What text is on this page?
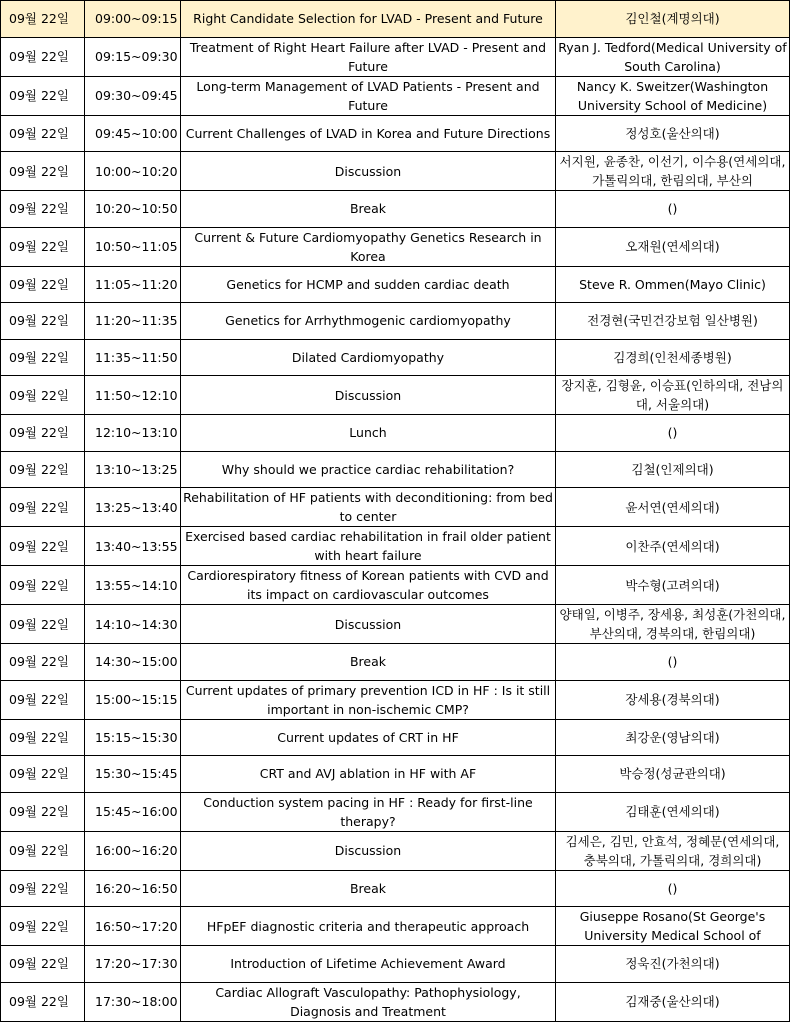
09월 22일	09:00~09:15	Right Candidate Selection for LVAD - Present and Future	김인철(계명의대)

09월 22일	09:15~09:30	Treatment of Right Heart Failure after LVAD - Present and Future	Ryan J. Tedford(Medical University of South Carolina)

09월 22일	09:30~09:45	Long-term Management of LVAD Patients - Present and Future	Nancy K. Sweitzer(Washington University School of Medicine)

09월 22일	09:45~10:00	Current Challenges of LVAD in Korea and Future Directions	정성호(울산의대)

09월 22일	10:00~10:20	Discussion	서지원, 윤종찬, 이선기, 이수용(연세의대, 가톨릭의대, 한림의대, 부산의

09월 22일	10:20~10:50	Break	()

09월 22일	10:50~11:05	Current & Future Cardiomyopathy Genetics Research in Korea	오재원(연세의대)

09월 22일	11:05~11:20	Genetics for HCMP and sudden cardiac death	Steve R. Ommen(Mayo Clinic)

09월 22일	11:20~11:35	Genetics for Arrhythmogenic cardiomyopathy	전경현(국민건강보험 일산병원)

09월 22일	11:35~11:50	Dilated Cardiomyopathy	김경희(인천세종병원)

09월 22일	11:50~12:10	Discussion	장지훈, 김형윤, 이승표(인하의대, 전남의대, 서울의대)

09월 22일	12:10~13:10	Lunch	()

09월 22일	13:10~13:25	Why should we practice cardiac rehabilitation?	김철(인제의대)

09월 22일	13:25~13:40	Rehabilitation of HF patients with deconditioning: from bed to center	윤서연(연세의대)

09월 22일	13:40~13:55	Exercised based cardiac rehabilitation in frail older patient with heart failure	이찬주(연세의대)

09월 22일	13:55~14:10	Cardiorespiratory fitness of Korean patients with CVD and its impact on cardiovascular outcomes	박수형(고려의대)

09월 22일	14:10~14:30	Discussion	양태일, 이병주, 장세용, 최성훈(가천의대, 부산의대, 경북의대, 한림의대)

09월 22일	14:30~15:00	Break	()

09월 22일	15:00~15:15	Current updates of primary prevention ICD in HF : Is it still important in non-ischemic CMP?	장세용(경북의대)

09월 22일	15:15~15:30	Current updates of CRT in HF	최강운(영남의대)

09월 22일	15:30~15:45	CRT and AVJ ablation in HF with AF	박승정(성균관의대)

09월 22일	15:45~16:00	Conduction system pacing in HF : Ready for first-line therapy?	김태훈(연세의대)

09월 22일	16:00~16:20	Discussion	김세은, 김민, 안효석, 정혜문(연세의대, 충북의대, 가톨릭의대, 경희의대)

09월 22일	16:20~16:50	Break	()

09월 22일	16:50~17:20	HFpEF diagnostic criteria and therapeutic approach	Giuseppe Rosano(St George's University Medical School of

09월 22일	17:20~17:30	Introduction of Lifetime Achievement Award	정욱진(가천의대)

09월 22일	17:30~18:00	Cardiac Allograft Vasculopathy: Pathophysiology, Diagnosis and Treatment	김재중(울산의대)
